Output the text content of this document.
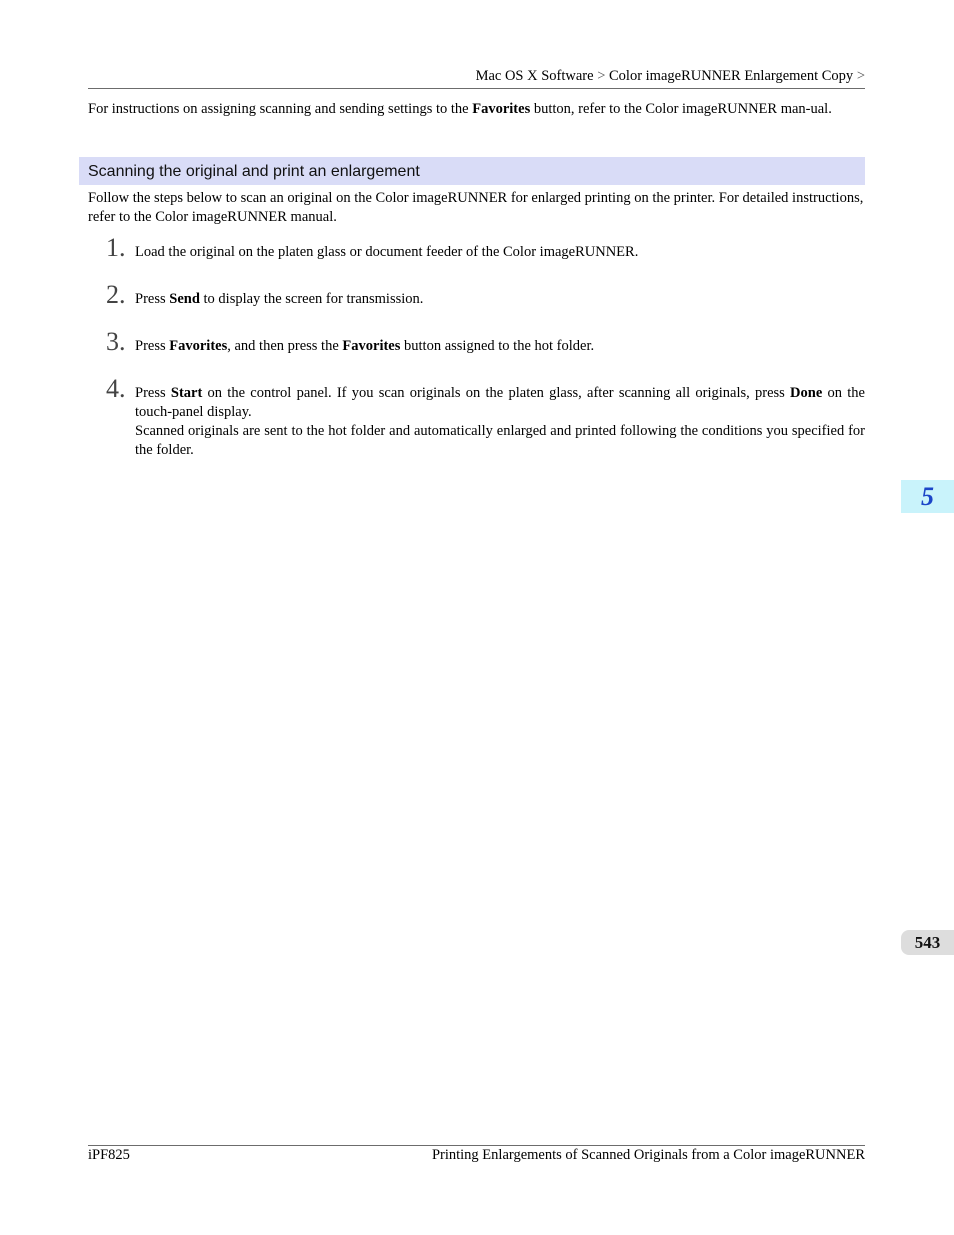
Mac OS X Software > Color imageRUNNER Enlargement Copy >
For instructions on assigning scanning and sending settings to the Favorites button, refer to the Color imageRUNNER man-ual.
Scanning the original and print an enlargement
Follow the steps below to scan an original on the Color imageRUNNER for enlarged printing on the printer. For detailed instructions, refer to the Color imageRUNNER manual.
1. Load the original on the platen glass or document feeder of the Color imageRUNNER.
2. Press Send to display the screen for transmission.
3. Press Favorites, and then press the Favorites button assigned to the hot folder.
4. Press Start on the control panel. If you scan originals on the platen glass, after scanning all originals, press Done on the touch-panel display.
Scanned originals are sent to the hot folder and automatically enlarged and printed following the conditions you specified for the folder.
5
543
iPF825	Printing Enlargements of Scanned Originals from a Color imageRUNNER
